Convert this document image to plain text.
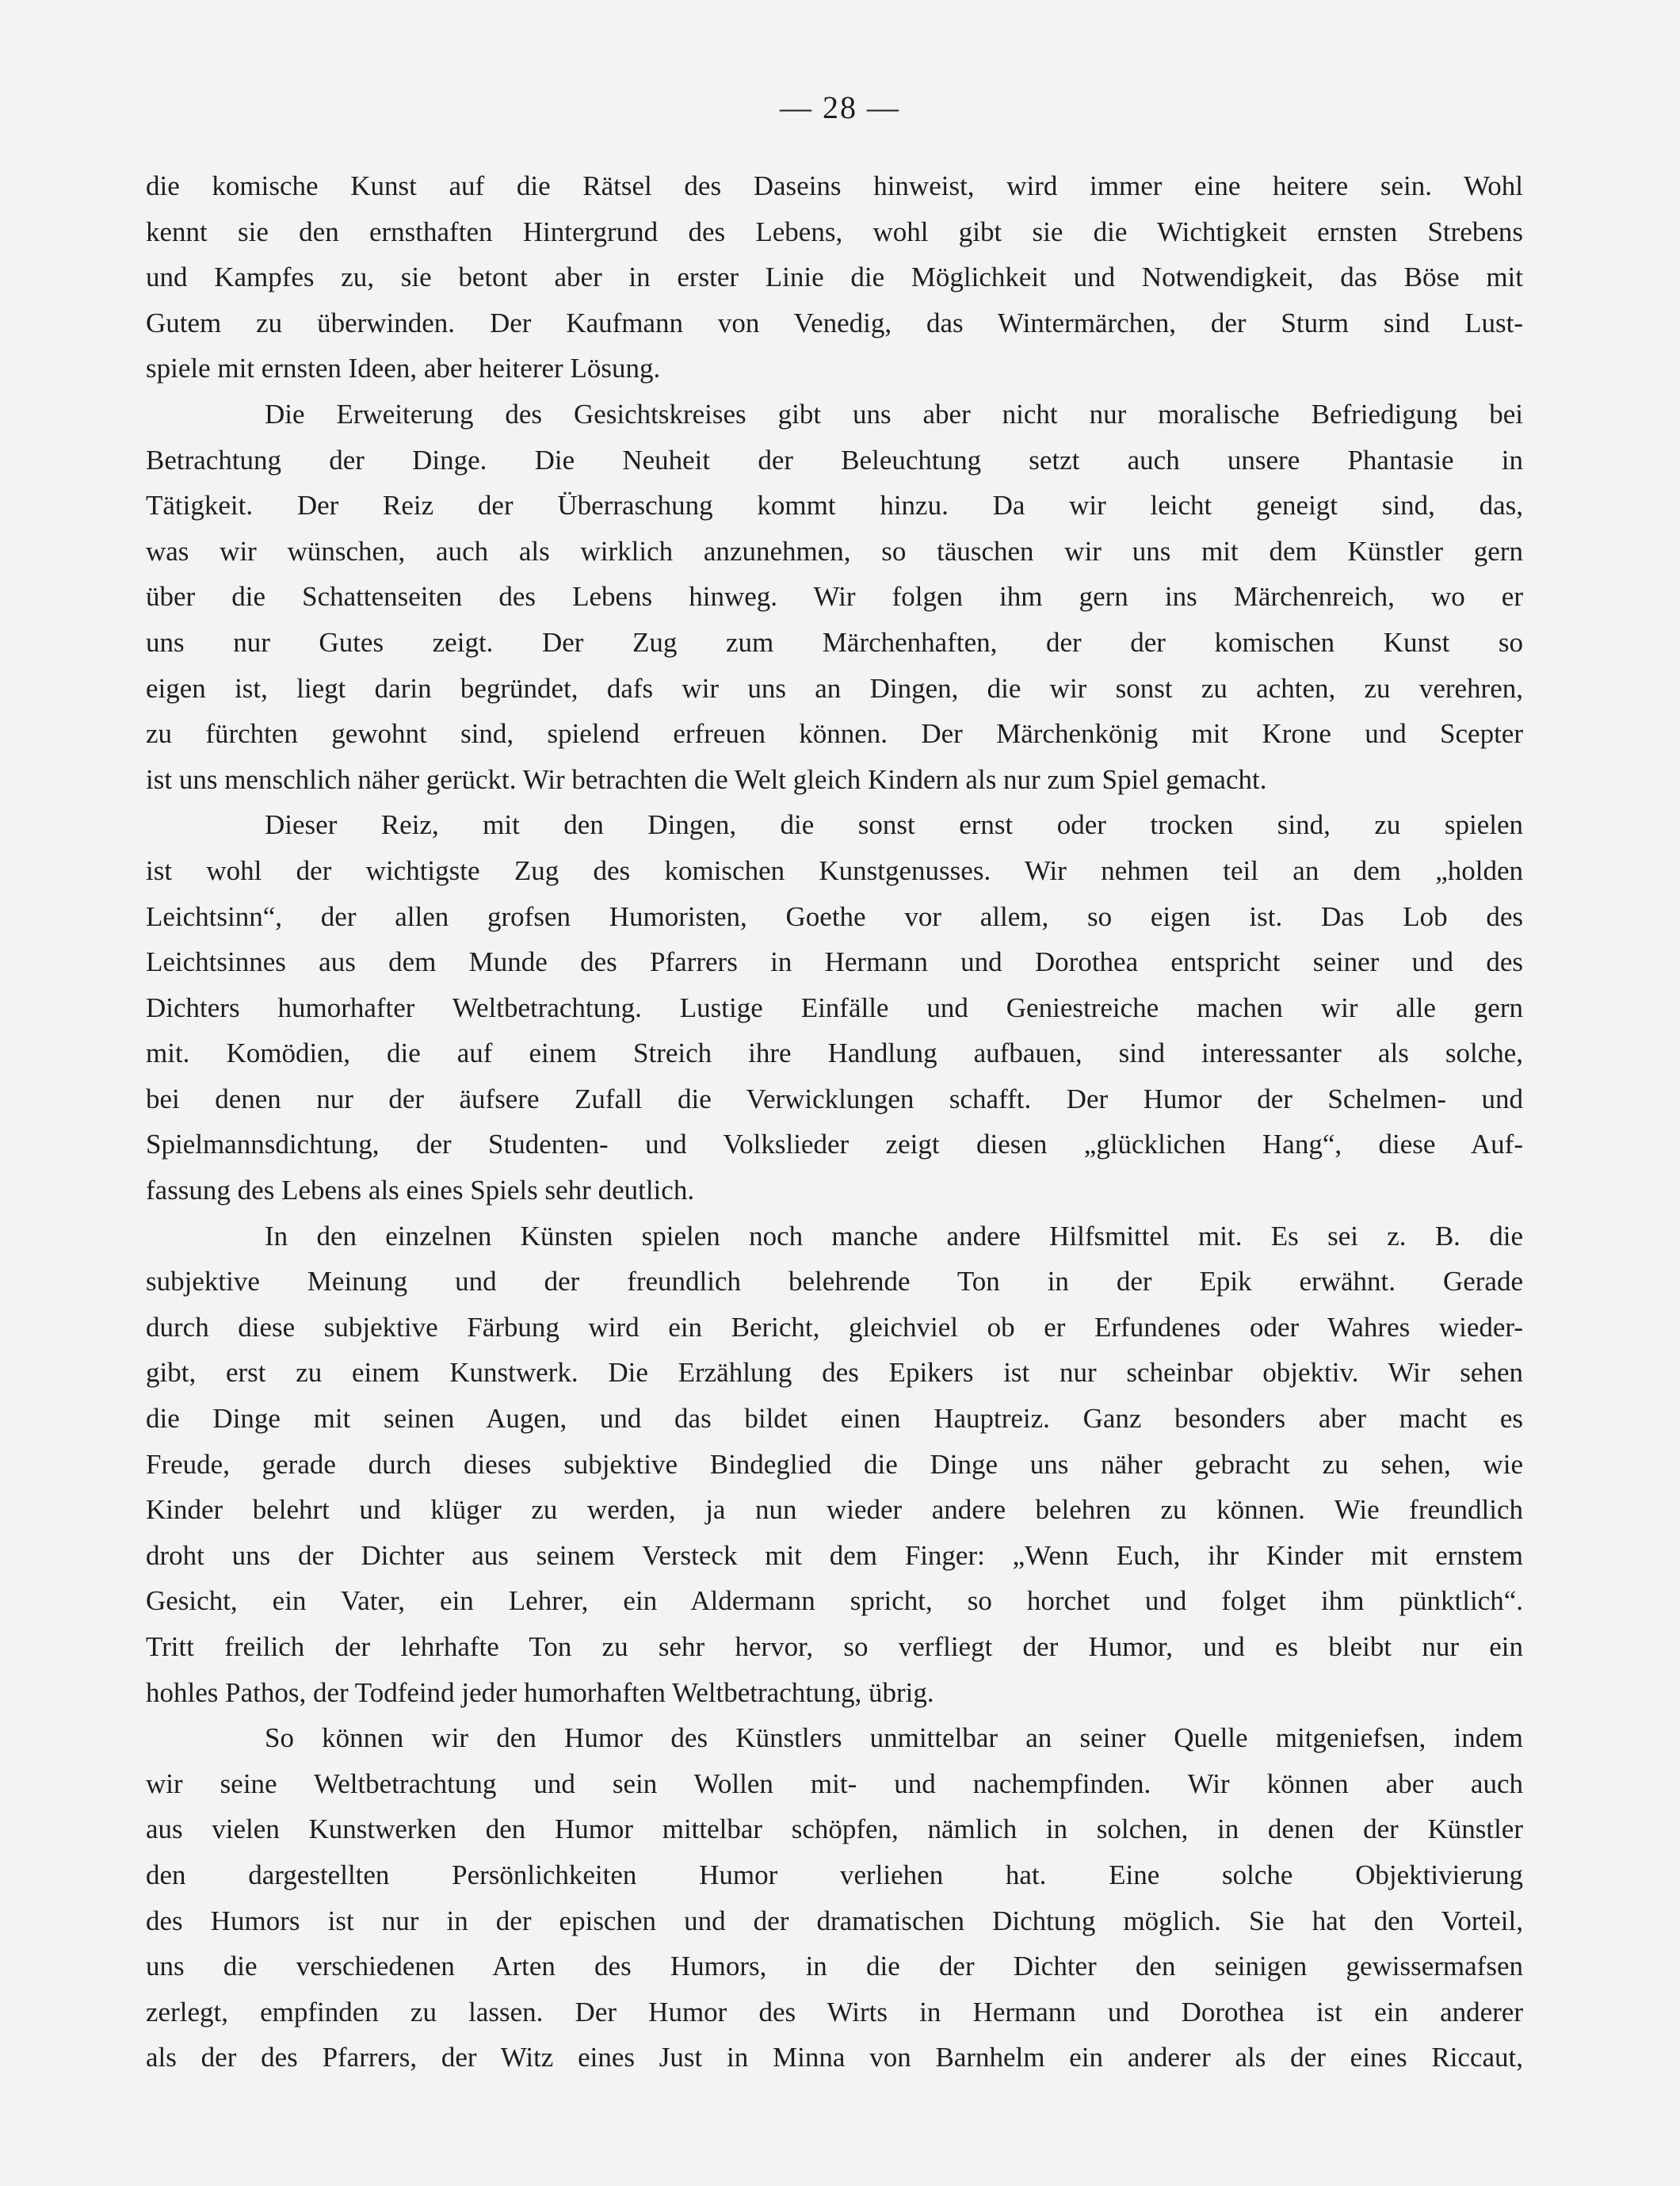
— 28 —
die komische Kunst auf die Rätsel des Daseins hinweist, wird immer eine heitere sein. Wohl
kennt sie den ernsthaften Hintergrund des Lebens, wohl gibt sie die Wichtigkeit ernsten Strebens
und Kampfes zu, sie betont aber in erster Linie die Möglichkeit und Notwendigkeit, das Böse mit
Gutem zu überwinden. Der Kaufmann von Venedig, das Wintermärchen, der Sturm sind Lust-
spiele mit ernsten Ideen, aber heiterer Lösung.
Die Erweiterung des Gesichtskreises gibt uns aber nicht nur moralische Befriedigung bei
Betrachtung der Dinge. Die Neuheit der Beleuchtung setzt auch unsere Phantasie in
Tätigkeit. Der Reiz der Überraschung kommt hinzu. Da wir leicht geneigt sind, das,
was wir wünschen, auch als wirklich anzunehmen, so täuschen wir uns mit dem Künstler gern
über die Schattenseiten des Lebens hinweg. Wir folgen ihm gern ins Märchenreich, wo er
uns nur Gutes zeigt. Der Zug zum Märchenhaften, der der komischen Kunst so
eigen ist, liegt darin begründet, dafs wir uns an Dingen, die wir sonst zu achten, zu verehren,
zu fürchten gewohnt sind, spielend erfreuen können. Der Märchenkönig mit Krone und Scepter
ist uns menschlich näher gerückt. Wir betrachten die Welt gleich Kindern als nur zum Spiel gemacht.
Dieser Reiz, mit den Dingen, die sonst ernst oder trocken sind, zu spielen
ist wohl der wichtigste Zug des komischen Kunstgenusses. Wir nehmen teil an dem „holden
Leichtsinn“, der allen grofsen Humoristen, Goethe vor allem, so eigen ist. Das Lob des
Leichtsinnes aus dem Munde des Pfarrers in Hermann und Dorothea entspricht seiner und des
Dichters humorhafter Weltbetrachtung. Lustige Einfälle und Geniestreiche machen wir alle gern
mit. Komödien, die auf einem Streich ihre Handlung aufbauen, sind interessanter als solche,
bei denen nur der äufsere Zufall die Verwicklungen schafft. Der Humor der Schelmen- und
Spielmannsdichtung, der Studenten- und Volkslieder zeigt diesen „glücklichen Hang“, diese Auf-
fassung des Lebens als eines Spiels sehr deutlich.
In den einzelnen Künsten spielen noch manche andere Hilfsmittel mit. Es sei z. B. die
subjektive Meinung und der freundlich belehrende Ton in der Epik erwähnt. Gerade
durch diese subjektive Färbung wird ein Bericht, gleichviel ob er Erfundenes oder Wahres wieder-
gibt, erst zu einem Kunstwerk. Die Erzählung des Epikers ist nur scheinbar objektiv. Wir sehen
die Dinge mit seinen Augen, und das bildet einen Hauptreiz. Ganz besonders aber macht es
Freude, gerade durch dieses subjektive Bindeglied die Dinge uns näher gebracht zu sehen, wie
Kinder belehrt und klüger zu werden, ja nun wieder andere belehren zu können. Wie freundlich
droht uns der Dichter aus seinem Versteck mit dem Finger: „Wenn Euch, ihr Kinder mit ernstem
Gesicht, ein Vater, ein Lehrer, ein Aldermann spricht, so horchet und folget ihm pünktlich“.
Tritt freilich der lehrhafte Ton zu sehr hervor, so verfliegt der Humor, und es bleibt nur ein
hohles Pathos, der Todfeind jeder humorhaften Weltbetrachtung, übrig.
So können wir den Humor des Künstlers unmittelbar an seiner Quelle mitgeniefsen, indem
wir seine Weltbetrachtung und sein Wollen mit- und nachempfinden. Wir können aber auch
aus vielen Kunstwerken den Humor mittelbar schöpfen, nämlich in solchen, in denen der Künstler
den dargestellten Persönlichkeiten Humor verliehen hat. Eine solche Objektivierung
des Humors ist nur in der epischen und der dramatischen Dichtung möglich. Sie hat den Vorteil,
uns die verschiedenen Arten des Humors, in die der Dichter den seinigen gewissermafsen
zerlegt, empfinden zu lassen. Der Humor des Wirts in Hermann und Dorothea ist ein anderer
als der des Pfarrers, der Witz eines Just in Minna von Barnhelm ein anderer als der eines Riccaut,
